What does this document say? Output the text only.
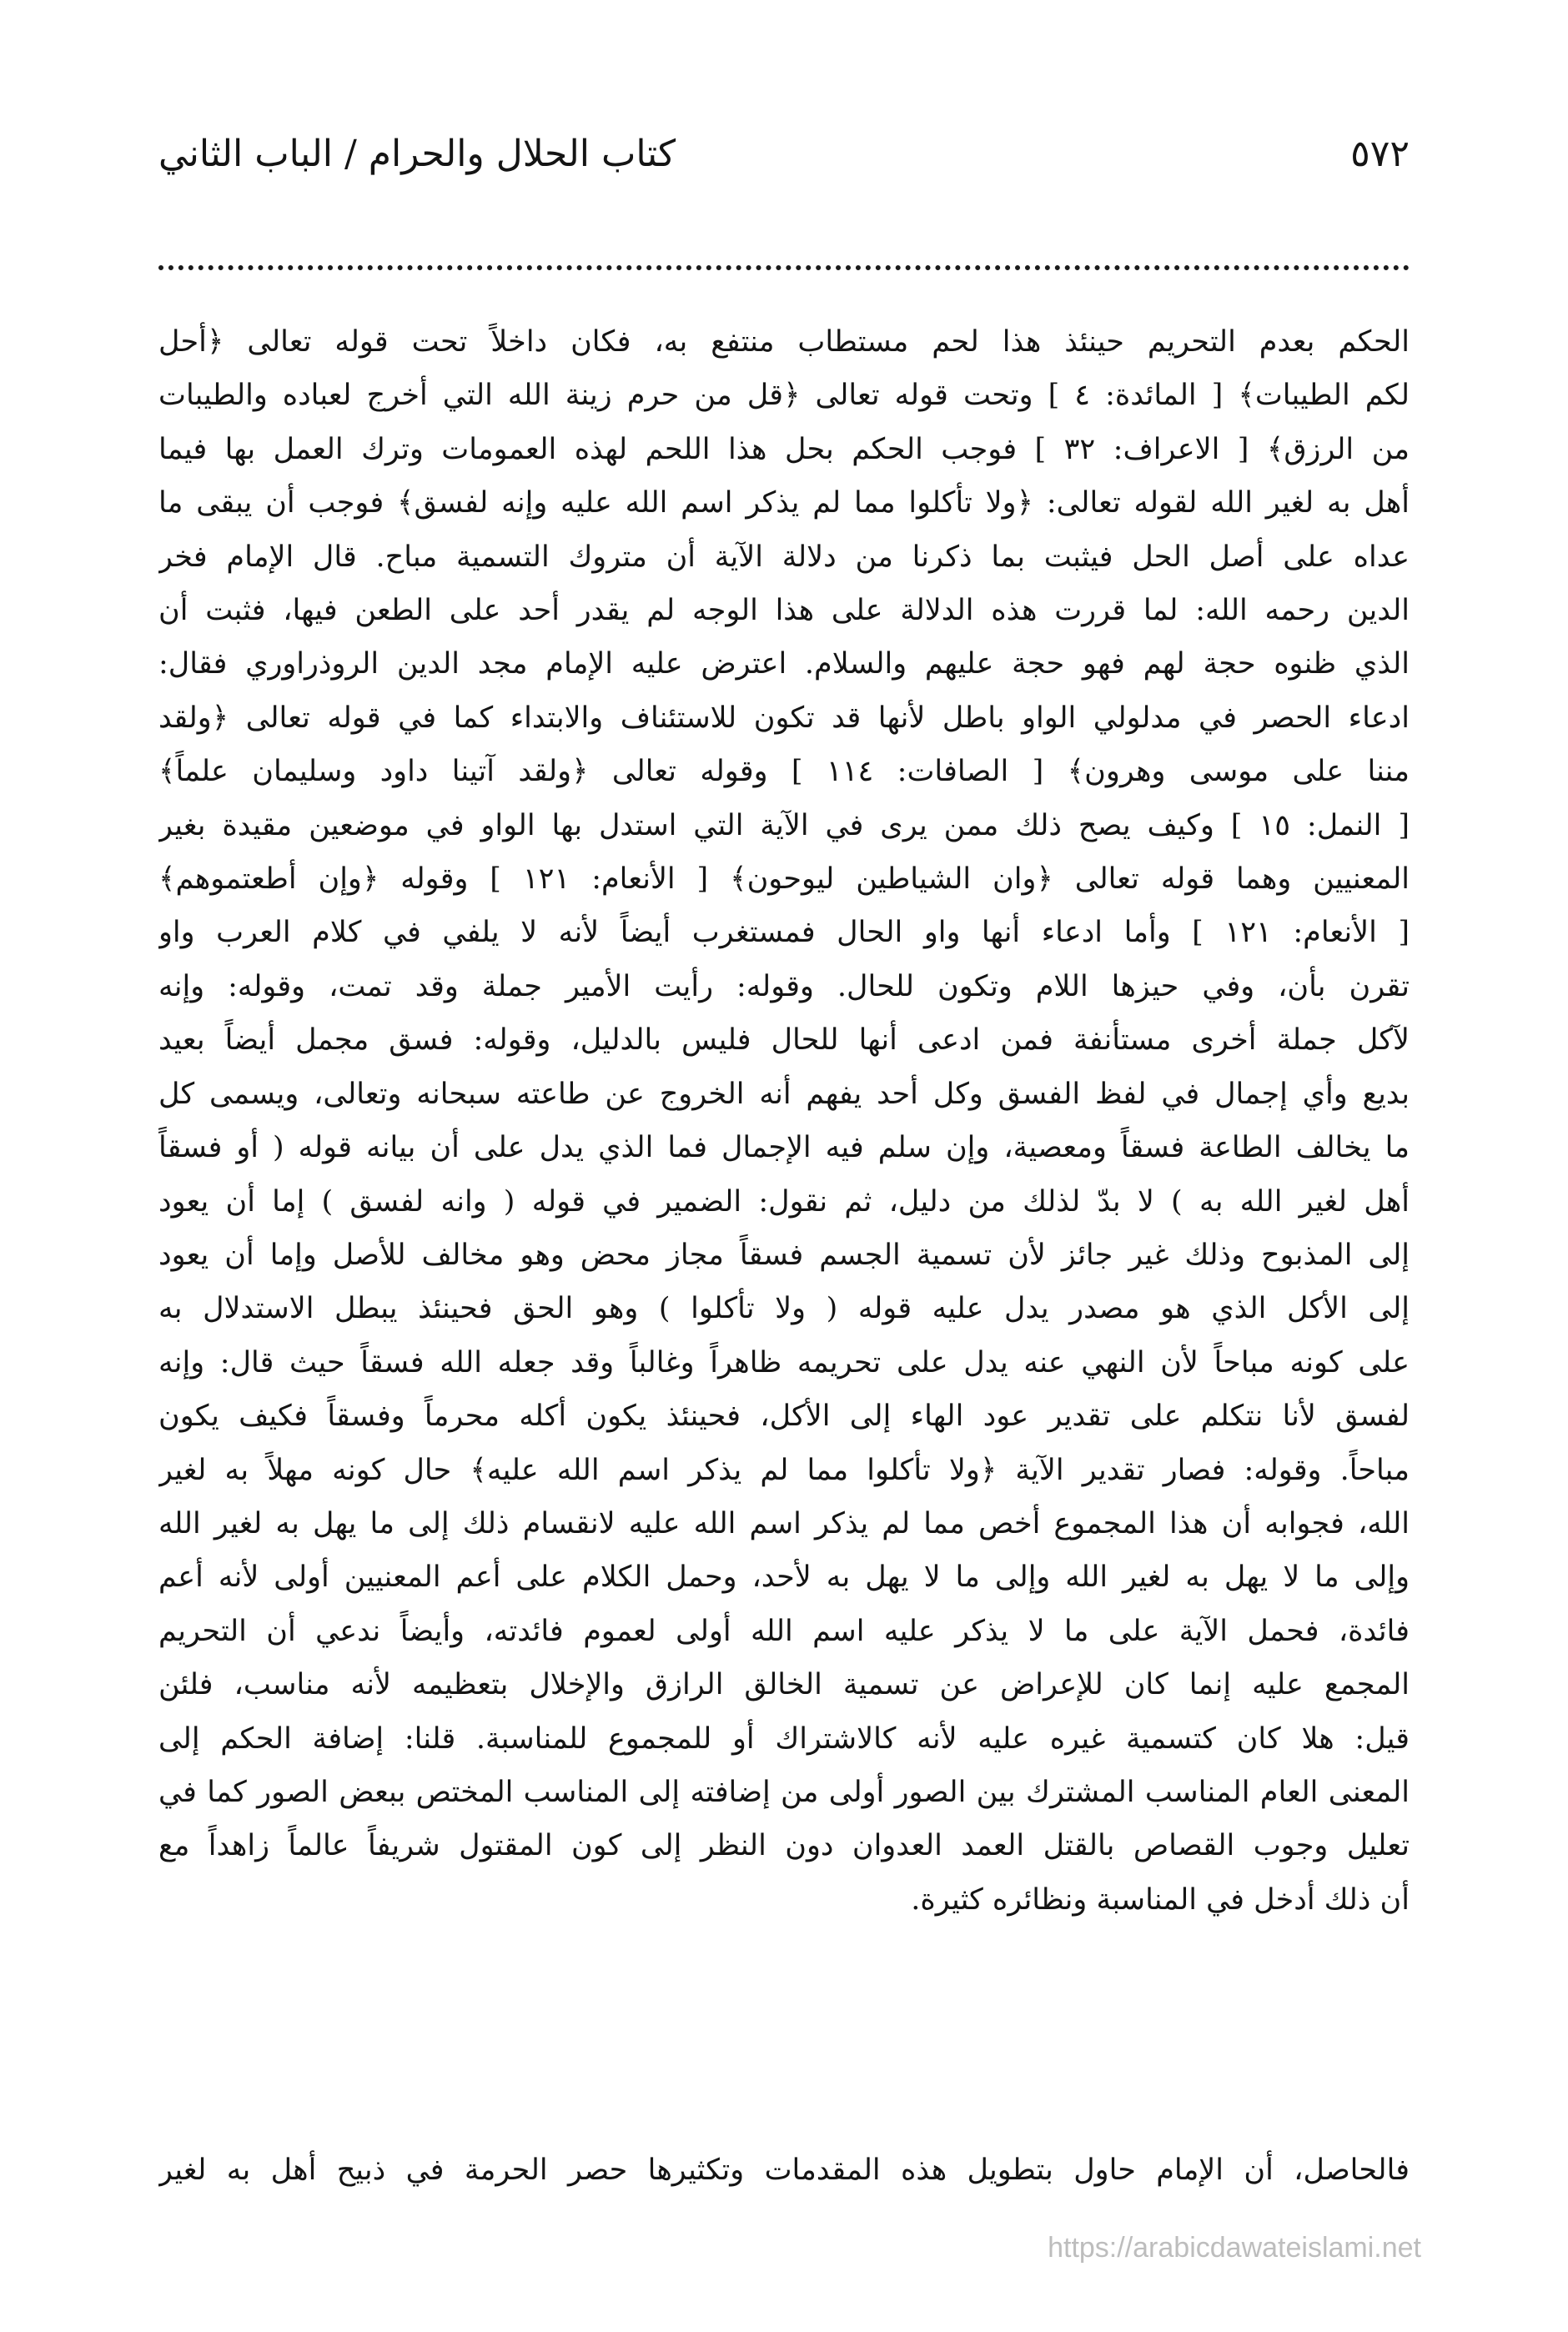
٥٧٢
كتاب الحلال والحرام / الباب الثاني
الحكم بعدم التحريم حينئذ هذا لحم مستطاب منتفع به، فكان داخلاً تحت قوله تعالى ﴿أحل
لكم الطيبات﴾ [ المائدة: ٤ ] وتحت قوله تعالى ﴿قل من حرم زينة الله التي أخرج لعباده والطيبات
من الرزق﴾ [ الاعراف: ٣٢ ] فوجب الحكم بحل هذا اللحم لهذه العمومات وترك العمل بها فيما
أهل به لغير الله لقوله تعالى: ﴿ولا تأكلوا مما لم يذكر اسم الله عليه وإنه لفسق﴾ فوجب أن يبقى ما
عداه على أصل الحل فيثبت بما ذكرنا من دلالة الآية أن متروك التسمية مباح. قال الإمام فخر
الدين رحمه الله: لما قررت هذه الدلالة على هذا الوجه لم يقدر أحد على الطعن فيها، فثبت أن
الذي ظنوه حجة لهم فهو حجة عليهم والسلام. اعترض عليه الإمام مجد الدين الروذراوري فقال:
ادعاء الحصر في مدلولي الواو باطل لأنها قد تكون للاستئناف والابتداء كما في قوله تعالى ﴿ولقد
مننا على موسى وهرون﴾ [ الصافات: ١١٤ ] وقوله تعالى ﴿ولقد آتينا داود وسليمان علماً﴾
[ النمل: ١٥ ] وكيف يصح ذلك ممن يرى في الآية التي استدل بها الواو في موضعين مقيدة بغير
المعنيين وهما قوله تعالى ﴿وان الشياطين ليوحون﴾ [ الأنعام: ١٢١ ] وقوله ﴿وإن أطعتموهم﴾
[ الأنعام: ١٢١ ] وأما ادعاء أنها واو الحال فمستغرب أيضاً لأنه لا يلفي في كلام العرب واو
تقرن بأن، وفي حيزها اللام وتكون للحال. وقوله: رأيت الأمير جملة وقد تمت، وقوله: وإنه
لآكل جملة أخرى مستأنفة فمن ادعى أنها للحال فليس بالدليل، وقوله: فسق مجمل أيضاً بعيد
بديع وأي إجمال في لفظ الفسق وكل أحد يفهم أنه الخروج عن طاعته سبحانه وتعالى، ويسمى كل
ما يخالف الطاعة فسقاً ومعصية، وإن سلم فيه الإجمال فما الذي يدل على أن بيانه قوله ( أو فسقاً
أهل لغير الله به ) لا بدّ لذلك من دليل، ثم نقول: الضمير في قوله ( وانه لفسق ) إما أن يعود
إلى المذبوح وذلك غير جائز لأن تسمية الجسم فسقاً مجاز محض وهو مخالف للأصل وإما أن يعود
إلى الأكل الذي هو مصدر يدل عليه قوله ( ولا تأكلوا ) وهو الحق فحينئذ يبطل الاستدلال به
على كونه مباحاً لأن النهي عنه يدل على تحريمه ظاهراً وغالباً وقد جعله الله فسقاً حيث قال: وإنه
لفسق لأنا نتكلم على تقدير عود الهاء إلى الأكل، فحينئذ يكون أكله محرماً وفسقاً فكيف يكون
مباحاً. وقوله: فصار تقدير الآية ﴿ولا تأكلوا مما لم يذكر اسم الله عليه﴾ حال كونه مهلاً به لغير
الله، فجوابه أن هذا المجموع أخص مما لم يذكر اسم الله عليه لانقسام ذلك إلى ما يهل به لغير الله
وإلى ما لا يهل به لغير الله وإلى ما لا يهل به لأحد، وحمل الكلام على أعم المعنيين أولى لأنه أعم
فائدة، فحمل الآية على ما لا يذكر عليه اسم الله أولى لعموم فائدته، وأيضاً ندعي أن التحريم
المجمع عليه إنما كان للإعراض عن تسمية الخالق الرازق والإخلال بتعظيمه لأنه مناسب، فلئن
قيل: هلا كان كتسمية غيره عليه لأنه كالاشتراك أو للمجموع للمناسبة. قلنا: إضافة الحكم إلى
المعنى العام المناسب المشترك بين الصور أولى من إضافته إلى المناسب المختص ببعض الصور كما في
تعليل وجوب القصاص بالقتل العمد العدوان دون النظر إلى كون المقتول شريفاً عالماً زاهداً مع
أن ذلك أدخل في المناسبة ونظائره كثيرة.
فالحاصل، أن الإمام حاول بتطويل هذه المقدمات وتكثيرها حصر الحرمة في ذبيح أهل به لغير
https://arabicdawateislami.net
